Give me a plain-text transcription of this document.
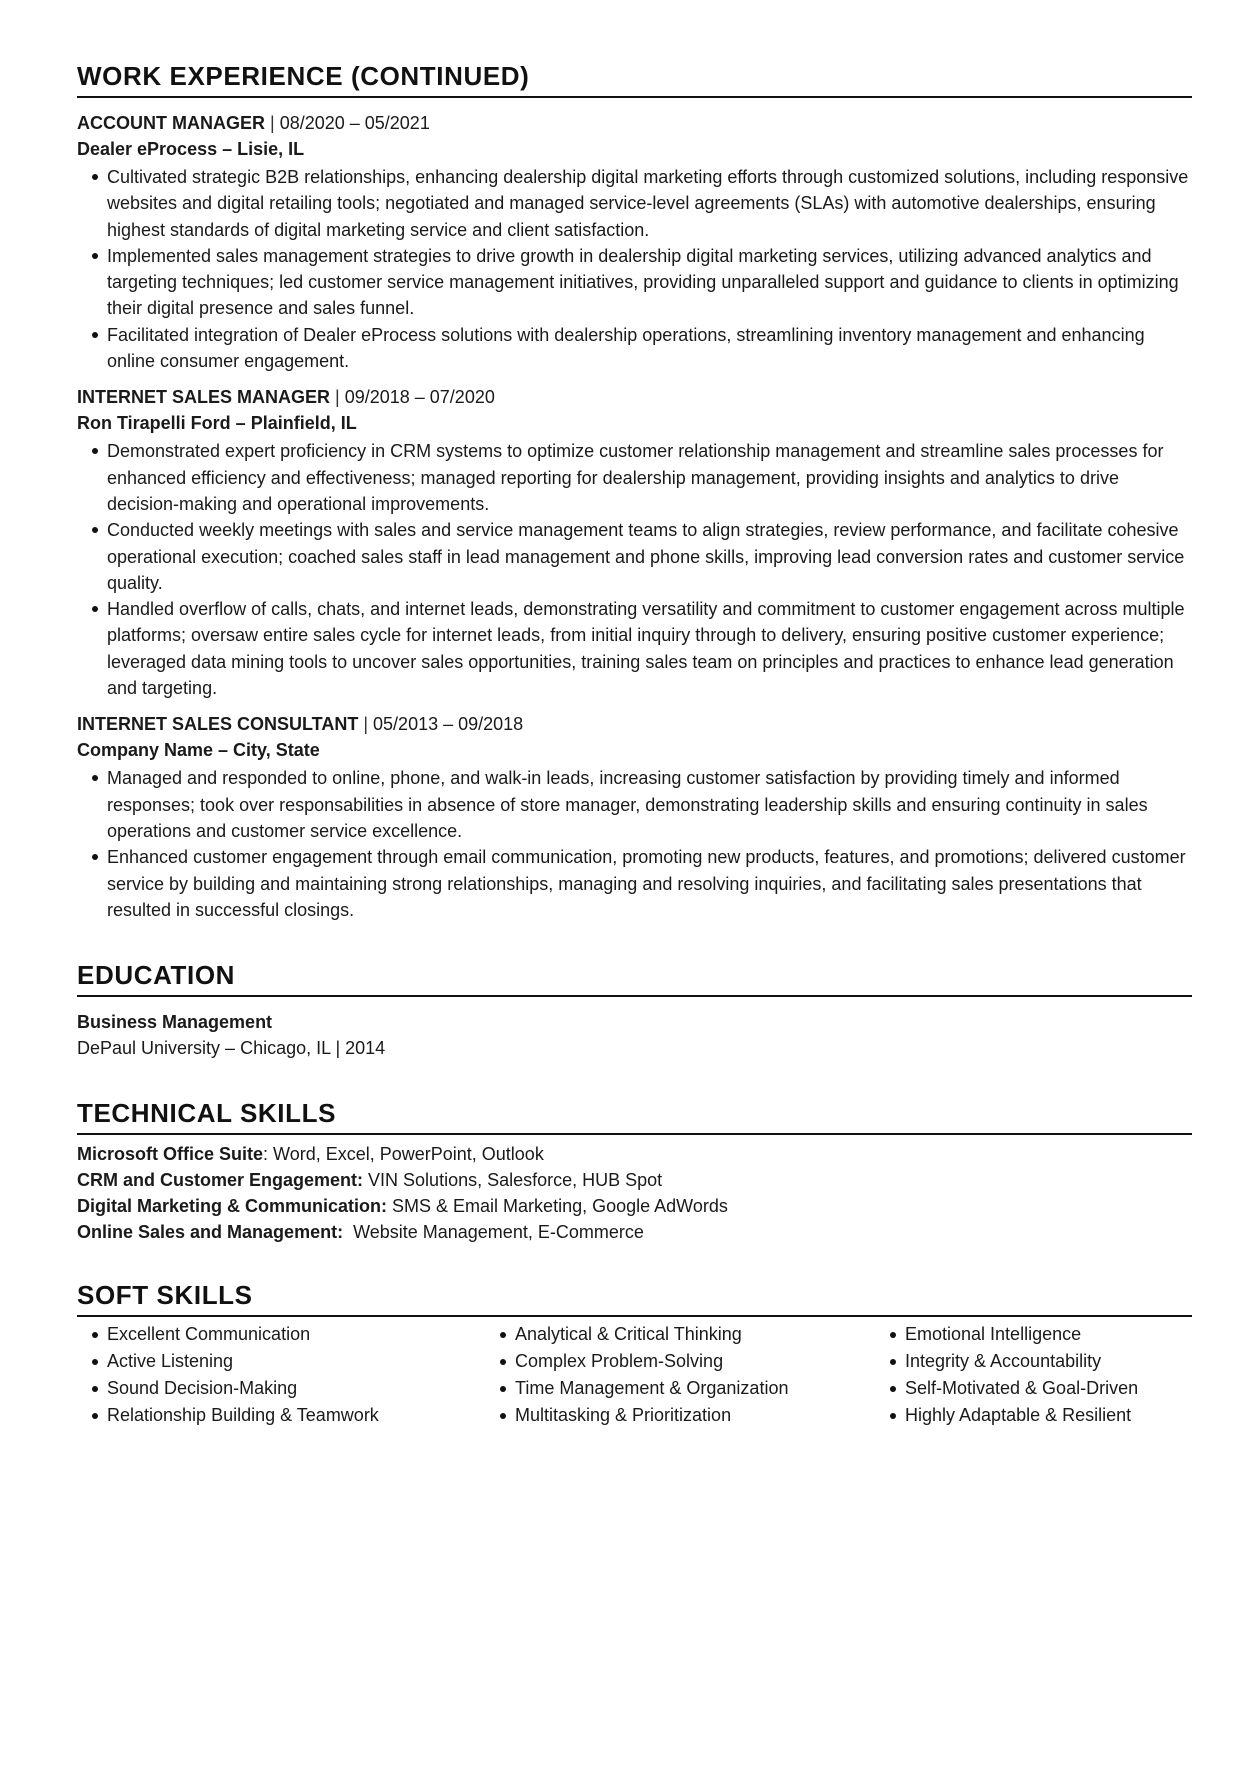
WORK EXPERIENCE (CONTINUED)
ACCOUNT MANAGER | 08/2020 – 05/2021
Dealer eProcess – Lisie, IL
Cultivated strategic B2B relationships, enhancing dealership digital marketing efforts through customized solutions, including responsive websites and digital retailing tools; negotiated and managed service-level agreements (SLAs) with automotive dealerships, ensuring highest standards of digital marketing service and client satisfaction.
Implemented sales management strategies to drive growth in dealership digital marketing services, utilizing advanced analytics and targeting techniques; led customer service management initiatives, providing unparalleled support and guidance to clients in optimizing their digital presence and sales funnel.
Facilitated integration of Dealer eProcess solutions with dealership operations, streamlining inventory management and enhancing online consumer engagement.
INTERNET SALES MANAGER | 09/2018 – 07/2020
Ron Tirapelli Ford – Plainfield, IL
Demonstrated expert proficiency in CRM systems to optimize customer relationship management and streamline sales processes for enhanced efficiency and effectiveness; managed reporting for dealership management, providing insights and analytics to drive decision-making and operational improvements.
Conducted weekly meetings with sales and service management teams to align strategies, review performance, and facilitate cohesive operational execution; coached sales staff in lead management and phone skills, improving lead conversion rates and customer service quality.
Handled overflow of calls, chats, and internet leads, demonstrating versatility and commitment to customer engagement across multiple platforms; oversaw entire sales cycle for internet leads, from initial inquiry through to delivery, ensuring positive customer experience; leveraged data mining tools to uncover sales opportunities, training sales team on principles and practices to enhance lead generation and targeting.
INTERNET SALES CONSULTANT | 05/2013 – 09/2018
Company Name – City, State
Managed and responded to online, phone, and walk-in leads, increasing customer satisfaction by providing timely and informed responses; took over responsabilities in absence of store manager, demonstrating leadership skills and ensuring continuity in sales operations and customer service excellence.
Enhanced customer engagement through email communication, promoting new products, features, and promotions; delivered customer service by building and maintaining strong relationships, managing and resolving inquiries, and facilitating sales presentations that resulted in successful closings.
EDUCATION
Business Management
DePaul University – Chicago, IL | 2014
TECHNICAL SKILLS
Microsoft Office Suite: Word, Excel, PowerPoint, Outlook
CRM and Customer Engagement: VIN Solutions, Salesforce, HUB Spot
Digital Marketing & Communication: SMS & Email Marketing, Google AdWords
Online Sales and Management:  Website Management, E-Commerce
SOFT SKILLS
Excellent Communication
Active Listening
Sound Decision-Making
Relationship Building & Teamwork
Analytical & Critical Thinking
Complex Problem-Solving
Time Management & Organization
Multitasking & Prioritization
Emotional Intelligence
Integrity & Accountability
Self-Motivated & Goal-Driven
Highly Adaptable & Resilient
